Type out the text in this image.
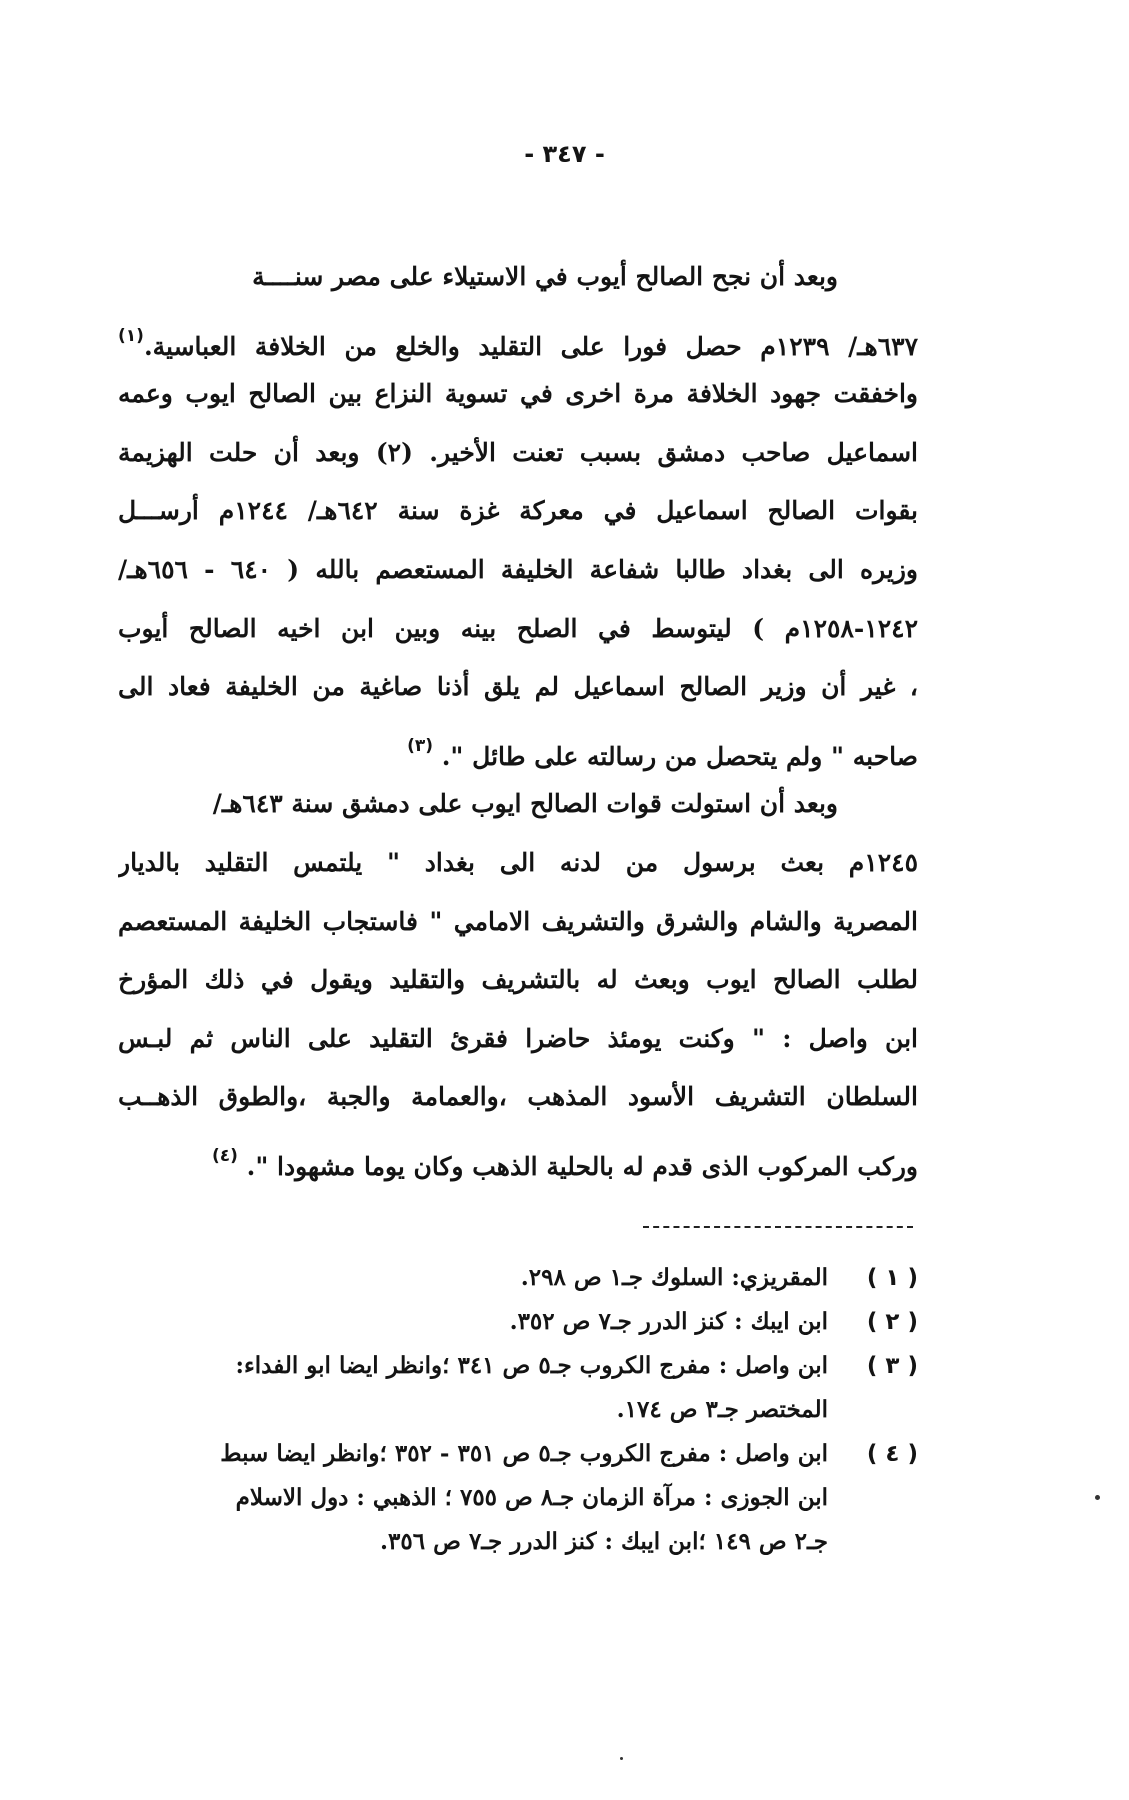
- ٣٤٧ -
وبعد أن نجح الصالح أيوب في الاستيلاء على مصر سنــــة
٦٣٧هـ/ ١٢٣٩م حصل فورا على التقليد والخلع من الخلافة العباسية.$^{(١)}$
واخفقت جهود الخلافة مرة اخرى في تسوية النزاع بين الصالح ايوب وعمه
اسماعيل صاحب دمشق بسبب تعنت الأخير. (٢) وبعد أن حلت الهزيمة
بقوات الصالح اسماعيل في معركة غزة سنة ٦٤٢هـ/ ١٢٤٤م أرســـل
وزيره الى بغداد طالبا شفاعة الخليفة المستعصم بالله ( ٦٤٠ - ٦٥٦هـ/
١٢٤٢-١٢٥٨م ) ليتوسط في الصلح بينه وبين ابن اخيه الصالح أيوب
، غير أن وزير الصالح اسماعيل لم يلق أذنا صاغية من الخليفة فعاد الى
صاحبه " ولم يتحصل من رسالته على طائل ". $^{(٣)}$
وبعد أن استولت قوات الصالح ايوب على دمشق سنة ٦٤٣هـ/
١٢٤٥م بعث برسول من لدنه الى بغداد " يلتمس التقليد بالديار
المصرية والشام والشرق والتشريف الامامي " فاستجاب الخليفة المستعصم
لطلب الصالح ايوب وبعث له بالتشريف والتقليد ويقول في ذلك المؤرخ
ابن واصل : " وكنت يومئذ حاضرا فقرئ التقليد على الناس ثم لبـس
السلطان التشريف الأسود المذهب ،والعمامة والجبة ،والطوق الذهــب
وركب المركوب الذى قدم له بالحلية الذهب وكان يوما مشهودا ". $^{(٤)}$
( ١ )
المقريزي: السلوك جـ١ ص ٢٩٨.
( ٢ )
ابن ايبك : كنز الدرر جـ٧ ص ٣٥٢.
( ٣ )
ابن واصل : مفرج الكروب جـ٥ ص ٣٤١ ؛وانظر ايضا ابو الفداء:
المختصر جـ٣ ص ١٧٤.
( ٤ )
ابن واصل : مفرج الكروب جـ٥ ص ٣٥١ - ٣٥٢ ؛وانظر ايضا سبط
ابن الجوزى : مرآة الزمان جـ٨ ص ٧٥٥ ؛ الذهبي : دول الاسلام
جـ٢ ص ١٤٩ ؛ابن ايبك : كنز الدرر جـ٧ ص ٣٥٦.
